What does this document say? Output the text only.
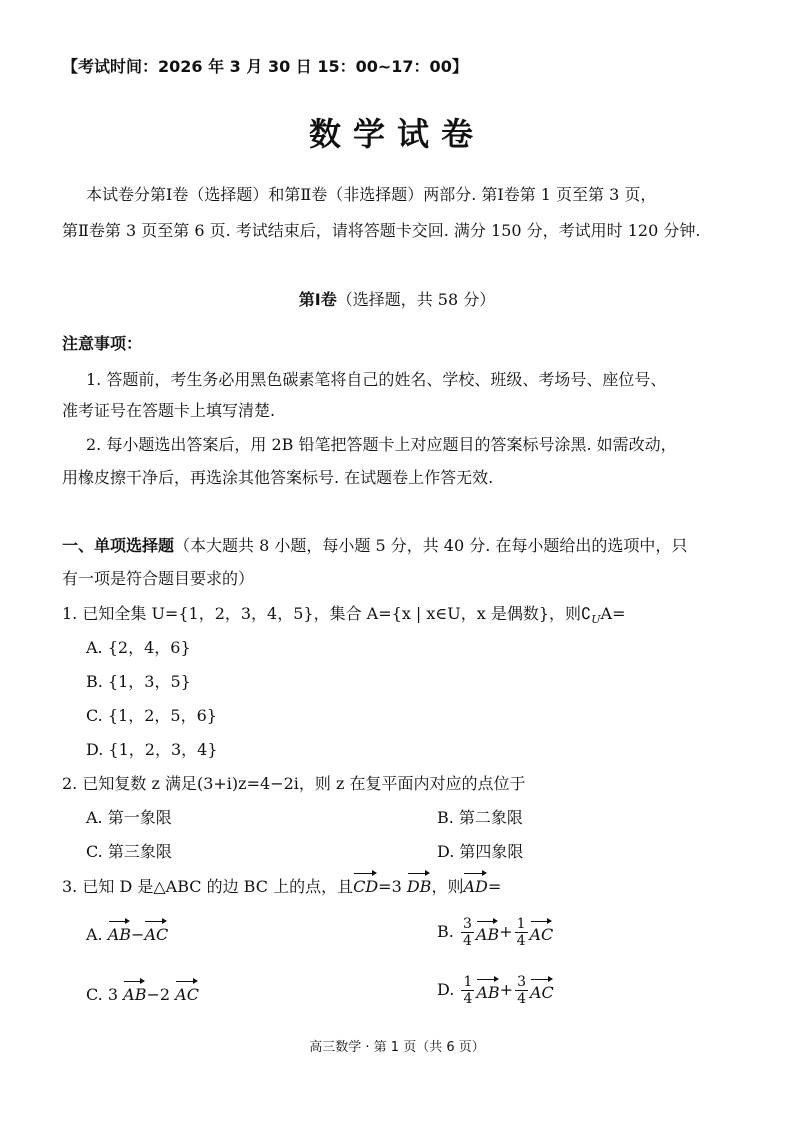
【考试时间：2026 年 3 月 30 日 15：00~17：00】
数学试卷
本试卷分第Ⅰ卷（选择题）和第Ⅱ卷（非选择题）两部分. 第Ⅰ卷第 1 页至第 3 页，
第Ⅱ卷第 3 页至第 6 页. 考试结束后，请将答题卡交回. 满分 150 分，考试用时 120 分钟.
第Ⅰ卷（选择题，共 58 分）
注意事项：
1. 答题前，考生务必用黑色碳素笔将自己的姓名、学校、班级、考场号、座位号、
准考证号在答题卡上填写清楚.
2. 每小题选出答案后，用 2B 铅笔把答题卡上对应题目的答案标号涂黑. 如需改动，
用橡皮擦干净后，再选涂其他答案标号. 在试题卷上作答无效.
一、单项选择题（本大题共 8 小题，每小题 5 分，共 40 分. 在每小题给出的选项中，只
有一项是符合题目要求的）
1. 已知全集 U={1，2，3，4，5}，集合 A={x | x∈U，x 是偶数}，则$∁_UA=$
A. {2，4，6}
B. {1，3，5}
C. {1，2，5，6}
D. {1，2，3，4}
2. 已知复数 z 满足(3+i)z=4−2i，则 z 在复平面内对应的点位于
A. 第一象限	B. 第二象限
C. 第三象限	D. 第四象限
3. 已知 D 是△ABC 的边 BC 上的点，且CD=3 DB，则AD=
A. AB−AC	B.
$\frac{3}{4}$ AB + $\frac{1}{4}$ AC
C. 3 AB−2 AC	D.
$\frac{1}{4}$ AB + $\frac{3}{4}$ AC
高三数学 · 第 1 页（共 6 页）
